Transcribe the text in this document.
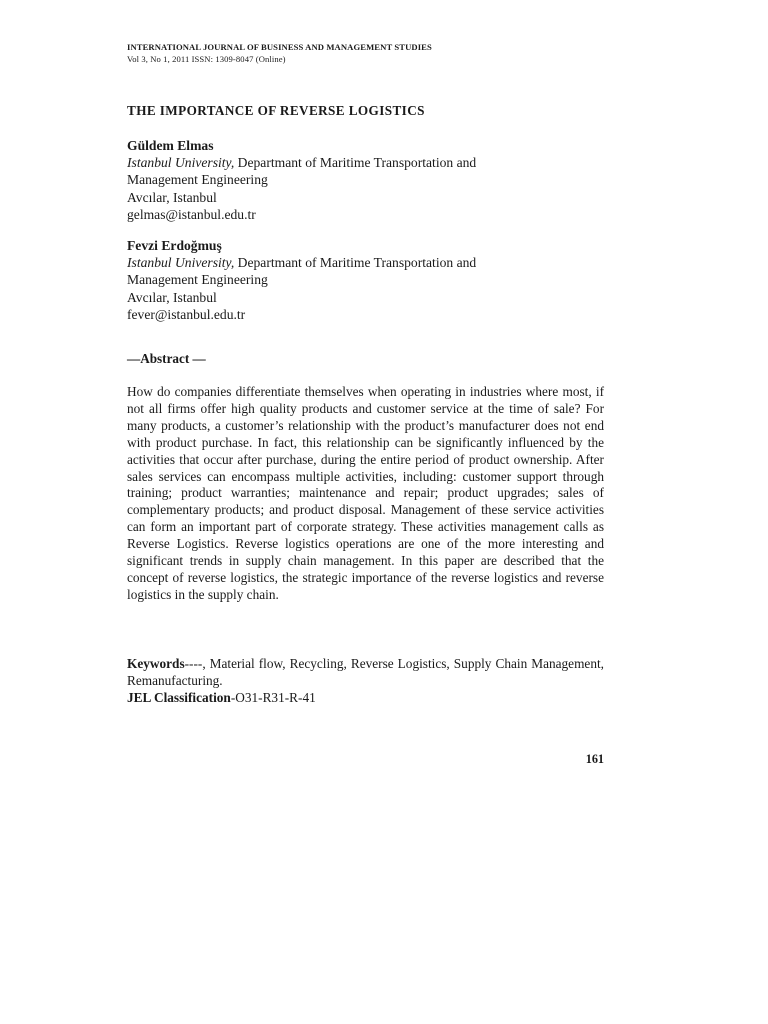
INTERNATIONAL JOURNAL OF BUSINESS AND MANAGEMENT STUDIES
Vol 3, No 1, 2011 ISSN: 1309-8047 (Online)
THE IMPORTANCE OF REVERSE LOGISTICS
Güldem Elmas
Istanbul University, Departmant of Maritime Transportation and
Management Engineering
Avcılar, Istanbul
gelmas@istanbul.edu.tr
Fevzi Erdoğmuş
Istanbul University, Departmant of Maritime Transportation and
Management Engineering
Avcılar, Istanbul
fever@istanbul.edu.tr
—Abstract —
How do companies differentiate themselves when operating in industries where most, if not all firms offer high quality products and customer service at the time of sale? For many products, a customer’s relationship with the product’s manufacturer does not end with product purchase. In fact, this relationship can be significantly influenced by the activities that occur after purchase, during the entire period of product ownership. After sales services can encompass multiple activities, including: customer support through training; product warranties; maintenance and repair; product upgrades; sales of complementary products; and product disposal. Management of these service activities can form an important part of corporate strategy. These activities management calls as Reverse Logistics. Reverse logistics operations are one of the more interesting and significant trends in supply chain management. In this paper are described that the concept of reverse logistics, the strategic importance of the reverse logistics and reverse logistics in the supply chain.
Keywords----, Material flow, Recycling, Reverse Logistics, Supply Chain Management, Remanufacturing.
JEL Classification-O31-R31-R-41
161
